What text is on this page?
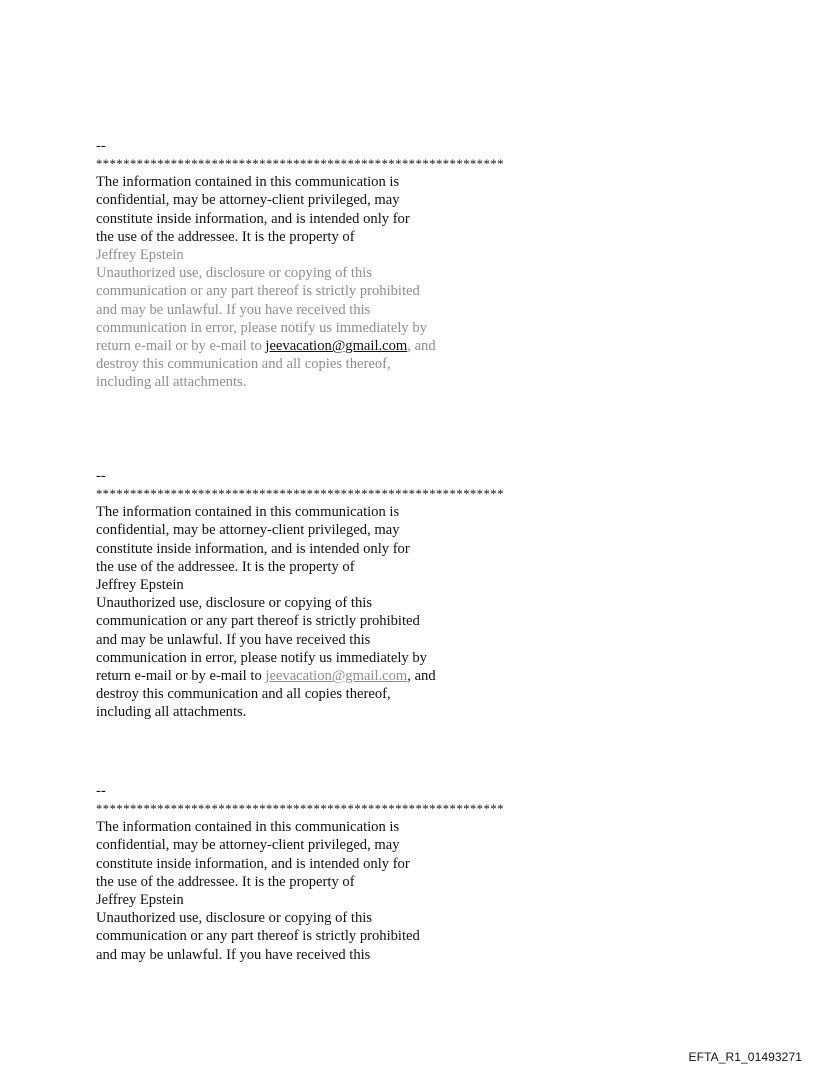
--
************************************************************
The information contained in this communication is
confidential, may be attorney-client privileged, may
constitute inside information, and is intended only for
the use of the addressee. It is the property of
Jeffrey Epstein
Unauthorized use, disclosure or copying of this
communication or any part thereof is strictly prohibited
and may be unlawful. If you have received this
communication in error, please notify us immediately by
return e-mail or by e-mail to jeevacation@gmail.com, and
destroy this communication and all copies thereof,
including all attachments.
--
************************************************************
The information contained in this communication is
confidential, may be attorney-client privileged, may
constitute inside information, and is intended only for
the use of the addressee. It is the property of
Jeffrey Epstein
Unauthorized use, disclosure or copying of this
communication or any part thereof is strictly prohibited
and may be unlawful. If you have received this
communication in error, please notify us immediately by
return e-mail or by e-mail to jeevacation@gmail.com, and
destroy this communication and all copies thereof,
including all attachments.
--
************************************************************
The information contained in this communication is
confidential, may be attorney-client privileged, may
constitute inside information, and is intended only for
the use of the addressee. It is the property of
Jeffrey Epstein
Unauthorized use, disclosure or copying of this
communication or any part thereof is strictly prohibited
and may be unlawful. If you have received this
EFTA_R1_01493271
